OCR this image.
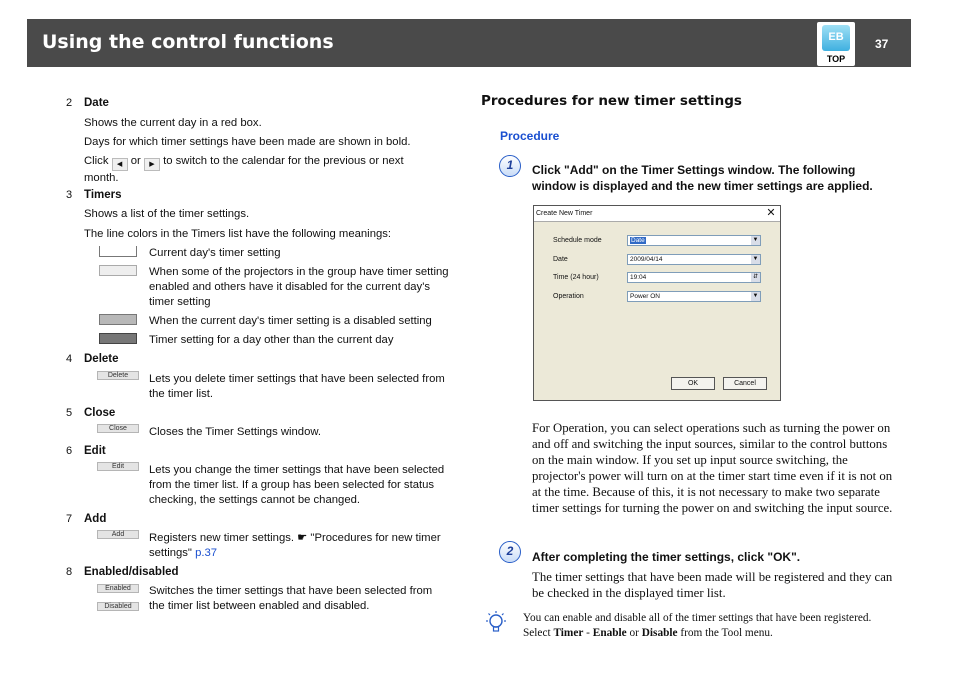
Using the control functions	EB
TOP
37
2 Date
Shows the current day in a red box.
Days for which timer settings have been made are shown in bold.
Click ◀ or ▶ to switch to the calendar for the previous or next month.
3 Timers
Shows a list of the timer settings.
The line colors in the Timers list have the following meanings:
Current day's timer setting
When some of the projectors in the group have timer setting enabled and others have it disabled for the current day's timer setting
When the current day's timer setting is a disabled setting
Timer setting for a day other than the current day
4 Delete
Delete	Lets you delete timer settings that have been selected from the timer list.
5 Close
Close	Closes the Timer Settings window.
6 Edit
Edit	Lets you change the timer settings that have been selected from the timer list. If a group has been selected for status checking, the settings cannot be changed.
7 Add
Add	Registers new timer settings. ☛ "Procedures for new timer settings" p.37
8 Enabled/disabled
Enabled
Disabled
Switches the timer settings that have been selected from the timer list between enabled and disabled.
Procedures for new timer settings
Procedure
1	Click "Add" on the Timer Settings window. The following window is displayed and the new timer settings are applied.
Create New Timer	✕
Schedule mode	Date	▼
Date	2009/04/14	▼
Time (24 hour)	19:04	⇵
Operation	Power ON	▼
OK	Cancel
For Operation, you can select operations such as turning the power on and off and switching the input sources, similar to the control buttons on the main window. If you set up input source switching, the projector's power will turn on at the timer start time even if it is not on at the time. Because of this, it is not necessary to make two separate timer settings for turning the power on and switching the input source.
2	After completing the timer settings, click "OK".
The timer settings that have been made will be registered and they can be checked in the displayed timer list.
You can enable and disable all of the timer settings that have been registered. Select Timer - Enable or Disable from the Tool menu.
